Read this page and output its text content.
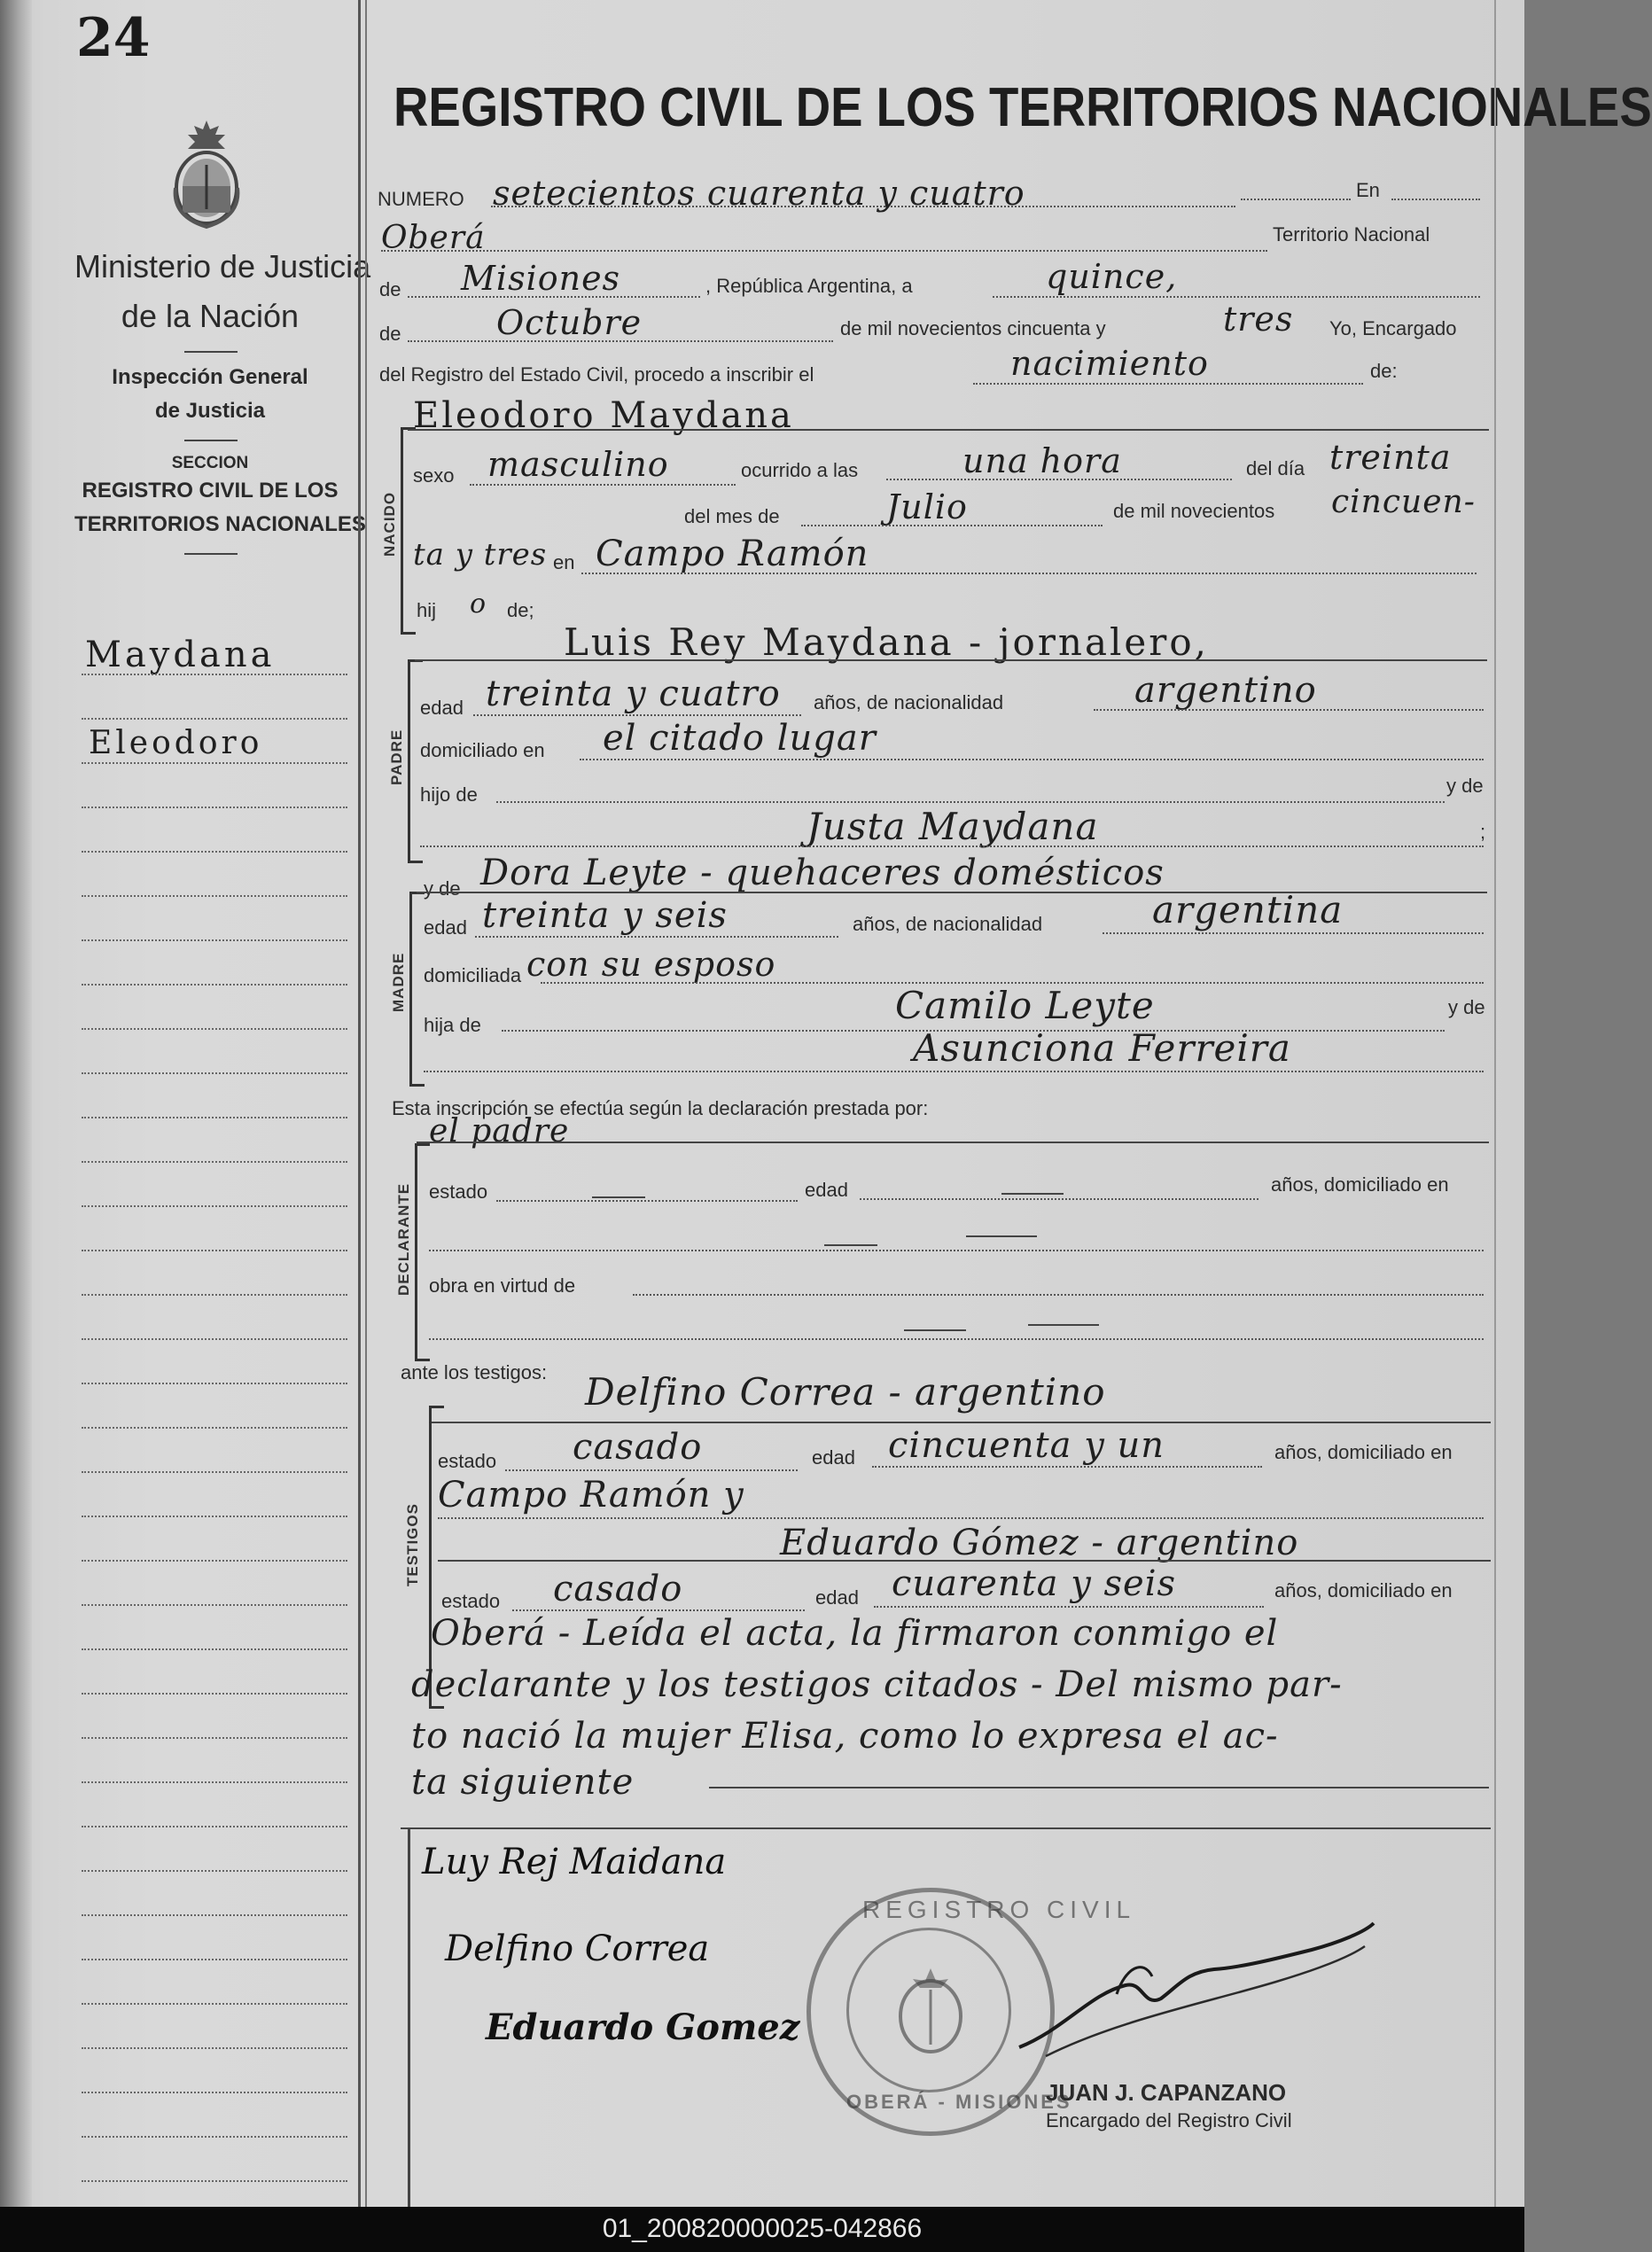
24
Ministerio de Justicia
de la Nación
Inspección General
de Justicia
SECCION
REGISTRO CIVIL DE LOS
TERRITORIOS NACIONALES
Maydana
Eleodoro
REGISTRO CIVIL DE LOS TERRITORIOS NACIONALES
NUMERO setecientos cuarenta y cuatro	En
Oberá	Territorio Nacional
de Misiones	, República Argentina, a	quince,
de	Octubre	de mil novecientos cincuenta y	tres Yo, Encargado
del Registro del Estado Civil, procedo a inscribir el	nacimiento	de:
NACIDO
Eleodoro Maydana
sexo masculino	ocurrido a las	una hora	del día treinta
del mes de	Julio	de mil novecientos cincuen-
ta y tres en Campo Ramón
hij o de;
PADRE
Luis Rey Maydana - jornalero,
edad treinta y cuatro años, de nacionalidad	argentino
domiciliado en el citado lugar
hijo de	y de
Justa Maydana	;
MADRE
y de Dora Leyte - quehaceres domésticos
edad treinta y seis	años, de nacionalidad	argentina
domiciliada con su esposo
hija de	Camilo Leyte	y de
Asunciona Ferreira
Esta inscripción se efectúa según la declaración prestada por:
el padre
DECLARANTE estado	edad	años, domiciliado en
obra en virtud de
ante los testigos: Delfino Correa - argentino
TESTIGOS
estado casado	edad cincuenta y un	años, domiciliado en
Campo Ramón y
Eduardo Gómez - argentino
estado casado	edad cuarenta y seis	años, domiciliado en
Oberá - Leída el acta, la firmaron conmigo el
declarante y los testigos citados - Del mismo par-
to nació la mujer Elisa, como lo expresa el ac-
ta siguiente
Luy Rej Maidana
Delfino Correa
Eduardo Gomez
REGISTRO CIVIL
OBERÁ - MISIONES
JUAN J. CAPANZANO
Encargado del Registro Civil
01_200820000025-042866
